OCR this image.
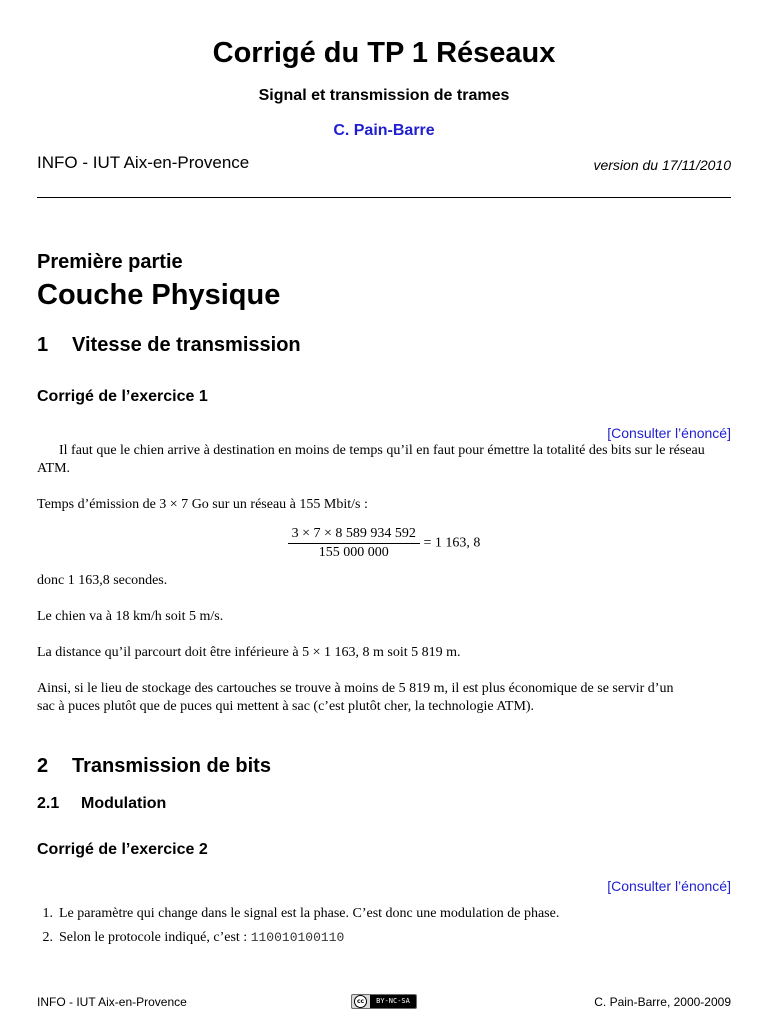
Corrigé du TP 1 Réseaux
Signal et transmission de trames
C. Pain-Barre
INFO - IUT Aix-en-Provence	version du 17/11/2010
Première partie
Couche Physique
1 Vitesse de transmission
Corrigé de l’exercice 1
[Consulter l’énoncé]
Il faut que le chien arrive à destination en moins de temps qu’il en faut pour émettre la totalité des bits sur le réseau ATM.
Temps d’émission de 3 × 7 Go sur un réseau à 155 Mbit/s :
$\frac{3 \times 7 \times 8 589 934 592}{155 000 000} = 1$ 163, 8
donc 1 163,8 secondes.
Le chien va à 18 km/h soit 5 m/s.
La distance qu’il parcourt doit être inférieure à 5 × 1 163, 8 m soit 5 819 m.
Ainsi, si le lieu de stockage des cartouches se trouve à moins de 5 819 m, il est plus économique de se servir d’un
sac à puces plutôt que de puces qui mettent à sac (c’est plutôt cher, la technologie ATM).
2 Transmission de bits
2.1 Modulation
Corrigé de l’exercice 2
[Consulter l’énoncé]
1. Le paramètre qui change dans le signal est la phase. C’est donc une modulation de phase.
2. Selon le protocole indiqué, c’est : 110010100110
INFO - IUT Aix-en-Provence	cc	BY-NC-SA	C. Pain-Barre, 2000-2009
